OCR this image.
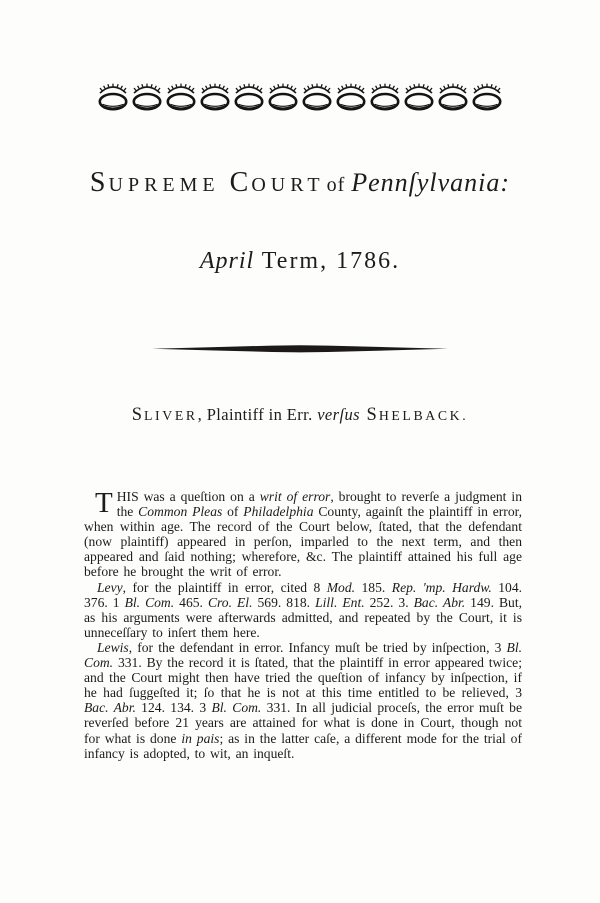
SUPREME COURT of Pennſylvania:
April Term, 1786.
SLIVER, Plaintiff in Err. verſus SHELBACK.

THIS was a queſtion on a writ of error, brought to reverſe a judgment in the Common Pleas of Philadelphia County, againſt the plaintiff in error, when within age. The record of the Court below, ſtated, that the defendant (now plaintiff) appeared in perſon, imparled to the next term, and then appeared and ſaid nothing; wherefore, &c. The plaintiff attained his full age before he brought the writ of error.

Levy, for the plaintiff in error, cited 8 Mod. 185. Rep. 'mp. Hardw. 104. 376. 1 Bl. Com. 465. Cro. El. 569. 818. Lill. Ent. 252. 3. Bac. Abr. 149. But, as his arguments were afterwards admitted, and repeated by the Court, it is unneceſſary to inſert them here.

Lewis, for the defendant in error. Infancy muſt be tried by inſpection, 3 Bl. Com. 331. By the record it is ſtated, that the plaintiff in error appeared twice; and the Court might then have tried the queſtion of infancy by inſpection, if he had ſuggeſted it; ſo that he is not at this time entitled to be relieved, 3 Bac. Abr. 124. 134. 3 Bl. Com. 331. In all judicial proceſs, the error muſt be reverſed before 21 years are attained for what is done in Court, though not for what is done in pais; as in the latter caſe, a different mode for the trial of infancy is adopted, to wit, an inqueſt.
